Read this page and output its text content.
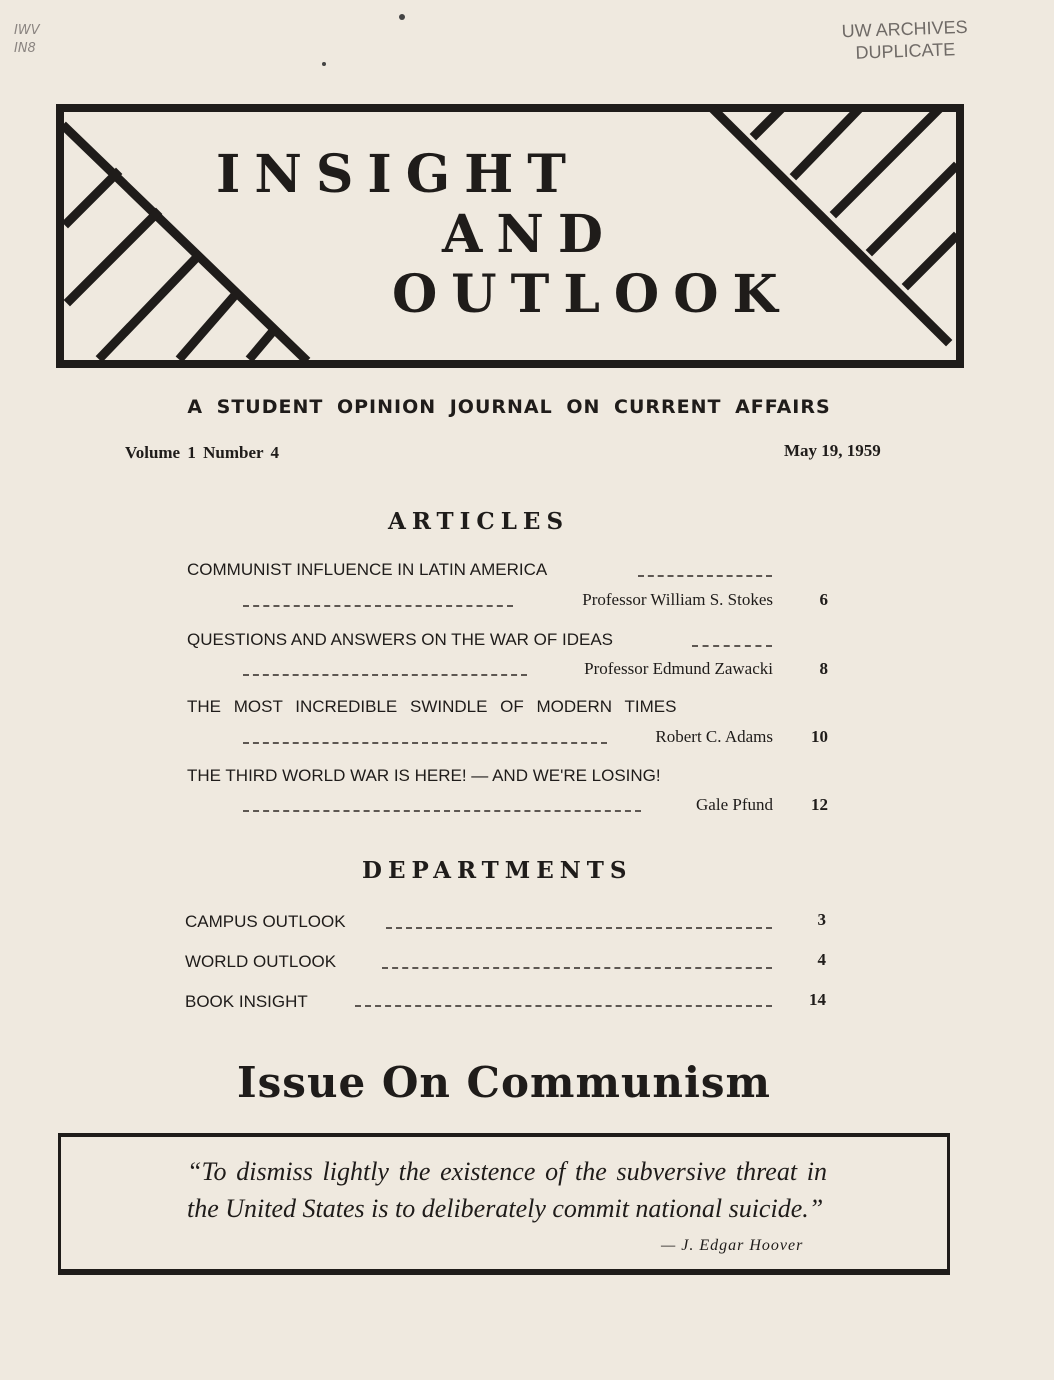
IWV
IN8
UW ARCHIVES
DUPLICATE
INSIGHT
AND
OUTLOOK
A STUDENT OPINION JOURNAL ON CURRENT AFFAIRS
Volume 1 Number 4	May 19, 1959
ARTICLES
COMMUNIST INFLUENCE IN LATIN AMERICA
Professor William S. Stokes	6
QUESTIONS AND ANSWERS ON THE WAR OF IDEAS
Professor Edmund Zawacki	8
THE MOST INCREDIBLE SWINDLE OF MODERN TIMES
Robert C. Adams	10
THE THIRD WORLD WAR IS HERE! — AND WE'RE LOSING!
Gale Pfund	12
DEPARTMENTS
CAMPUS OUTLOOK	3
WORLD OUTLOOK	4
BOOK INSIGHT	14
Issue On Communism
“To dismiss lightly the existence of the subversive threat in the United States is to deliberately commit national suicide.”
— J. Edgar Hoover
